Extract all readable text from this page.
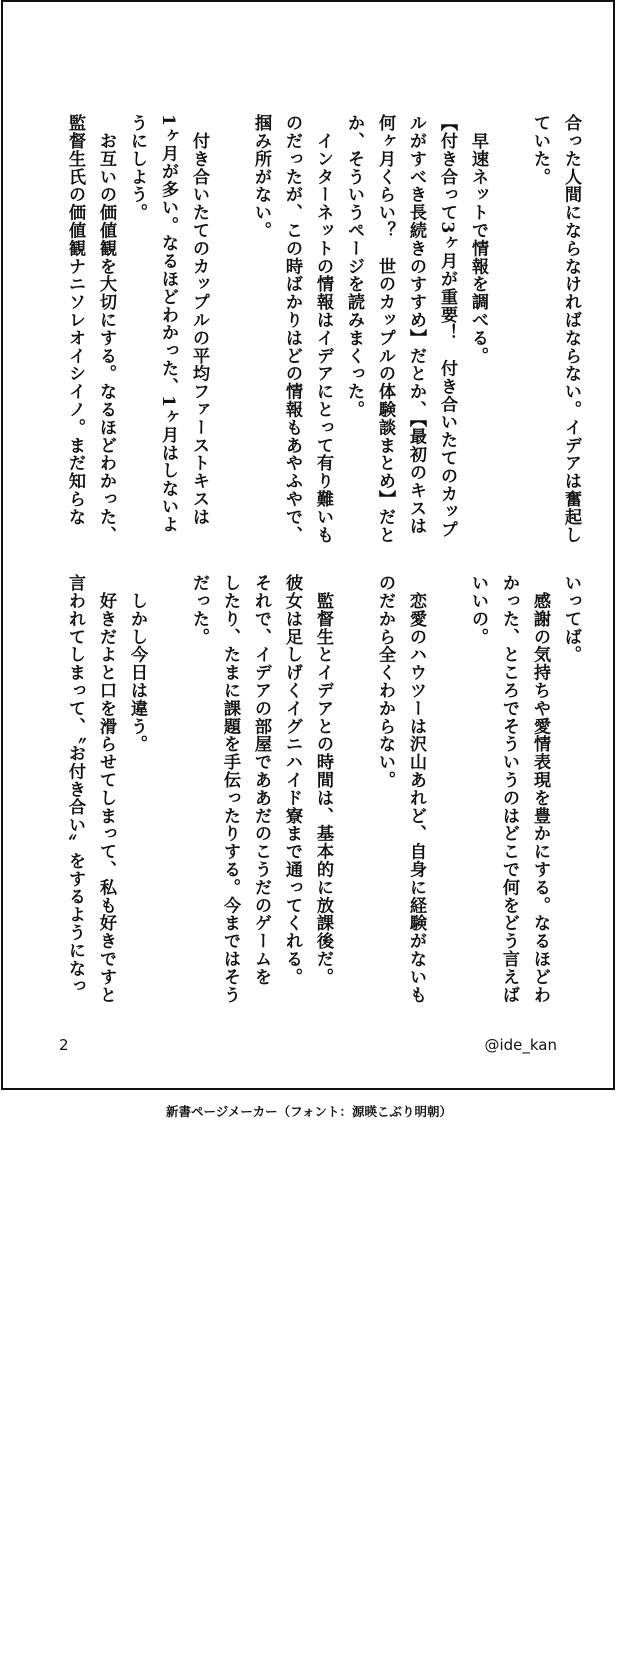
合った人間にならなければならない。イデアは奮起し

ていた。

　早速ネットで情報を調べる。

【付き合って3ヶ月が重要！　付き合いたてのカップ

ルがすべき長続きのすすめ】だとか、【最初のキスは

何ヶ月くらい？　世のカップルの体験談まとめ】だと

か、そういうページを読みまくった。

　インターネットの情報はイデアにとって有り難いも

のだったが、この時ばかりはどの情報もあやふやで、

掴み所がない。

　付き合いたてのカップルの平均ファーストキスは

1ヶ月が多い。なるほどわかった、1ヶ月はしないよ

うにしよう。

　お互いの価値観を大切にする。なるほどわかった、

監督生氏の価値観ナニソレオイシイノ。まだ知らな

いってば。

　感謝の気持ちや愛情表現を豊かにする。なるほどわ

かった、ところでそういうのはどこで何をどう言えば

いいの。

　恋愛のハウツーは沢山あれど、自身に経験がないも

のだから全くわからない。

　監督生とイデアとの時間は、基本的に放課後だ。

彼女は足しげくイグニハイド寮まで通ってくれる。

それで、イデアの部屋でああだのこうだのゲームを

したり、たまに課題を手伝ったりする。今まではそう

だった。

　しかし今日は違う。

　好きだよと口を滑らせてしまって、私も好きですと

言われてしまって、〝お付き合い〟をするようになっ

2	@ide_kan
新書ページメーカー（フォント：源暎こぶり明朝）
